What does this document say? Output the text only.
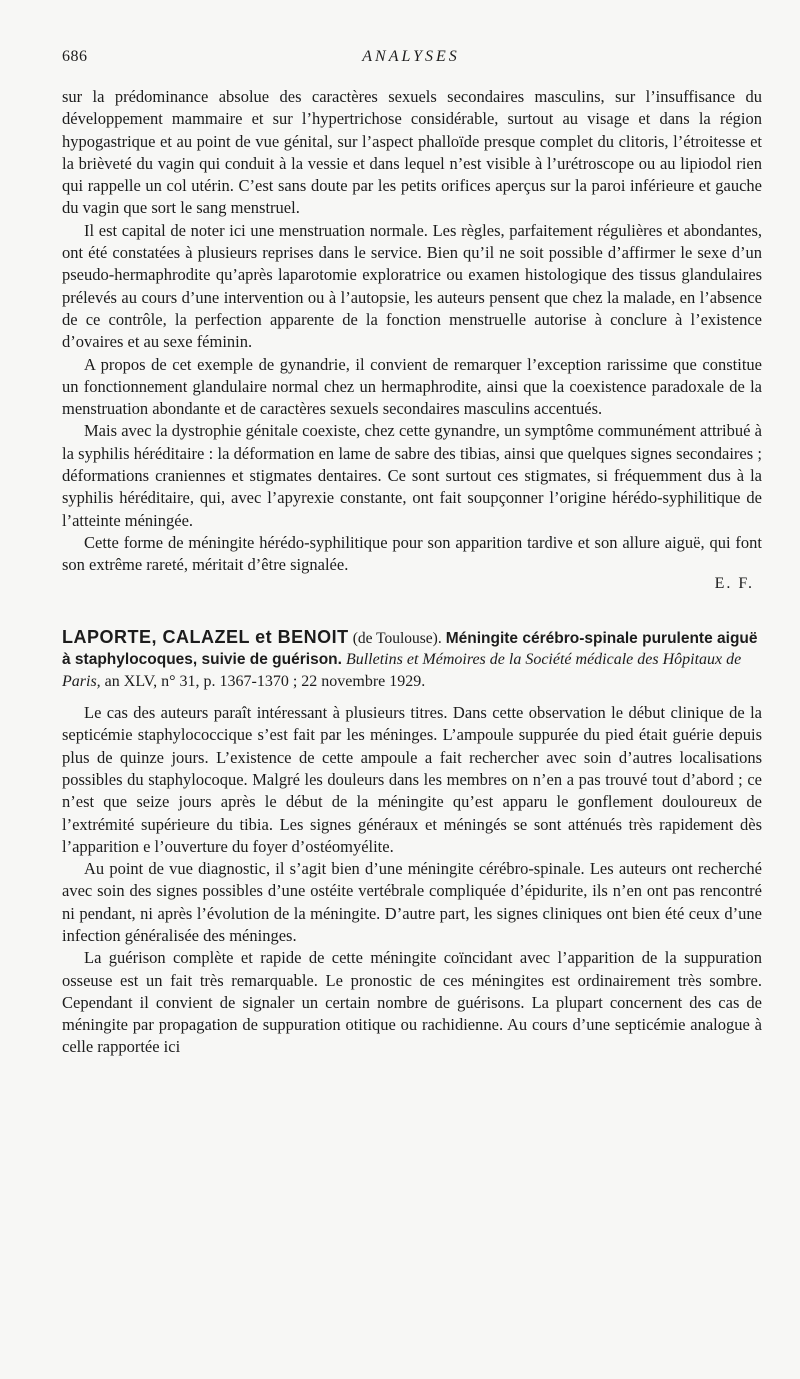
686	ANALYSES

sur la prédominance absolue des caractères sexuels secondaires masculins, sur l’insuffisance du développement mammaire et sur l’hypertrichose considérable, surtout au visage et dans la région hypogastrique et au point de vue génital, sur l’aspect phalloïde presque complet du clitoris, l’étroitesse et la brièveté du vagin qui conduit à la vessie et dans lequel n’est visible à l’urétroscope ou au lipiodol rien qui rappelle un col utérin. C’est sans doute par les petits orifices aperçus sur la paroi inférieure et gauche du vagin que sort le sang menstruel.

Il est capital de noter ici une menstruation normale. Les règles, parfaitement régulières et abondantes, ont été constatées à plusieurs reprises dans le service. Bien qu’il ne soit possible d’affirmer le sexe d’un pseudo-hermaphrodite qu’après laparotomie exploratrice ou examen histologique des tissus glandulaires prélevés au cours d’une intervention ou à l’autopsie, les auteurs pensent que chez la malade, en l’absence de ce contrôle, la perfection apparente de la fonction menstruelle autorise à conclure à l’existence d’ovaires et au sexe féminin.

A propos de cet exemple de gynandrie, il convient de remarquer l’exception rarissime que constitue un fonctionnement glandulaire normal chez un hermaphrodite, ainsi que la coexistence paradoxale de la menstruation abondante et de caractères sexuels secondaires masculins accentués.

Mais avec la dystrophie génitale coexiste, chez cette gynandre, un symptôme communément attribué à la syphilis héréditaire : la déformation en lame de sabre des tibias, ainsi que quelques signes secondaires ; déformations craniennes et stigmates dentaires. Ce sont surtout ces stigmates, si fréquemment dus à la syphilis héréditaire, qui, avec l’apyrexie constante, ont fait soupçonner l’origine hérédo-syphilitique de l’atteinte méningée.

Cette forme de méningite hérédo-syphilitique pour son apparition tardive et son allure aiguë, qui font son extrême rareté, méritait d’être signalée.

E. F.

LAPORTE, CALAZEL et BENOIT (de Toulouse). Méningite cérébro-spinale purulente aiguë à staphylocoques, suivie de guérison. Bulletins et Mémoires de la Société médicale des Hôpitaux de Paris, an XLV, n° 31, p. 1367-1370 ; 22 novembre 1929.

Le cas des auteurs paraît intéressant à plusieurs titres. Dans cette observation le début clinique de la septicémie staphylococcique s’est fait par les méninges. L’ampoule suppurée du pied était guérie depuis plus de quinze jours. L’existence de cette ampoule a fait rechercher avec soin d’autres localisations possibles du staphylocoque. Malgré les douleurs dans les membres on n’en a pas trouvé tout d’abord ; ce n’est que seize jours après le début de la méningite qu’est apparu le gonflement douloureux de l’extrémité supérieure du tibia. Les signes généraux et méningés se sont atténués très rapidement dès l’apparition e l’ouverture du foyer d’ostéomyélite.

Au point de vue diagnostic, il s’agit bien d’une méningite cérébro-spinale. Les auteurs ont recherché avec soin des signes possibles d’une ostéite vertébrale compliquée d’épidurite, ils n’en ont pas rencontré ni pendant, ni après l’évolution de la méningite. D’autre part, les signes cliniques ont bien été ceux d’une infection généralisée des méninges.

La guérison complète et rapide de cette méningite coïncidant avec l’apparition de la suppuration osseuse est un fait très remarquable. Le pronostic de ces méningites est ordinairement très sombre. Cependant il convient de signaler un certain nombre de guérisons. La plupart concernent des cas de méningite par propagation de suppuration otitique ou rachidienne. Au cours d’une septicémie analogue à celle rapportée ici
